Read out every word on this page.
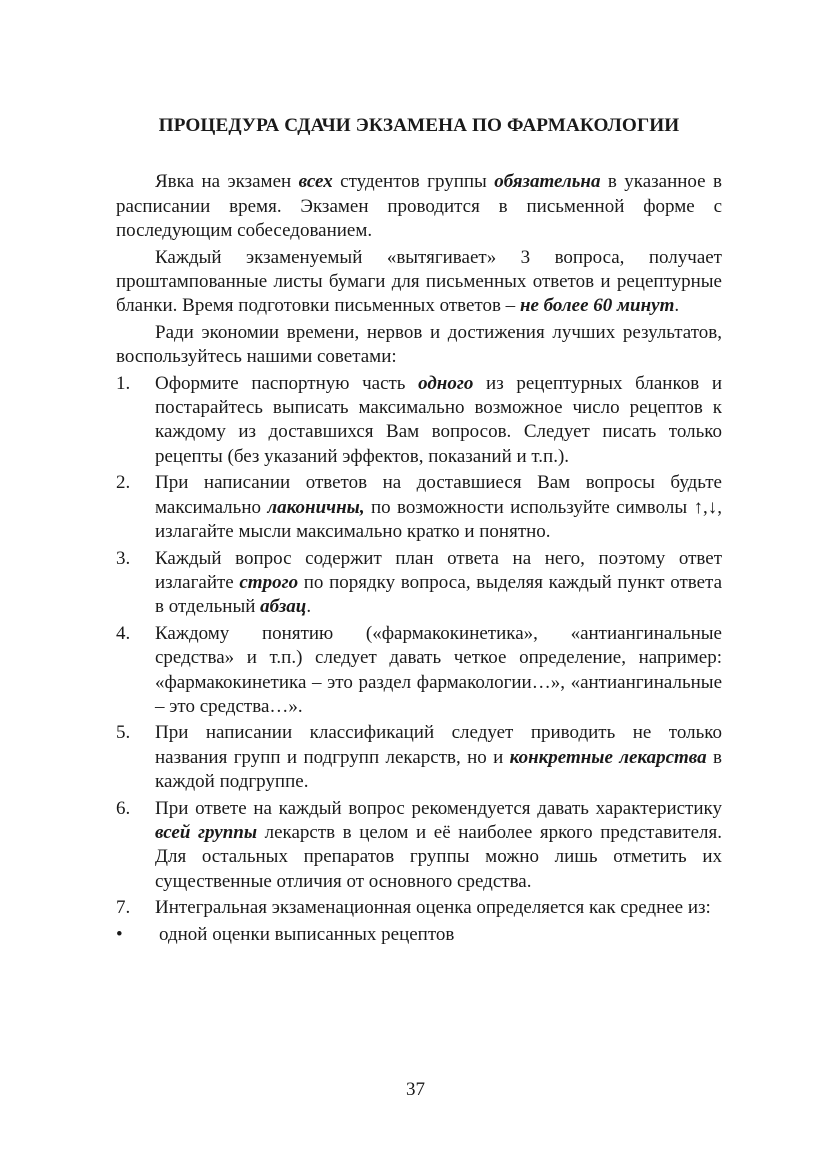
ПРОЦЕДУРА СДАЧИ ЭКЗАМЕНА ПО ФАРМАКОЛОГИИ

Явка на экзамен всех студентов группы обязательна в указанное в расписании время. Экзамен проводится в письменной форме с последующим собеседованием.

Каждый экзаменуемый «вытягивает» 3 вопроса, получает проштампованные листы бумаги для письменных ответов и рецептурные бланки. Время подготовки письменных ответов – не более 60 минут.

Ради экономии времени, нервов и достижения лучших результатов, воспользуйтесь нашими советами:

1. Оформите паспортную часть одного из рецептурных бланков и постарайтесь выписать максимально возможное число рецептов к каждому из доставшихся Вам вопросов. Следует писать только рецепты (без указаний эффектов, показаний и т.п.).
2. При написании ответов на доставшиеся Вам вопросы будьте максимально лаконичны, по возможности используйте символы ↑,↓, излагайте мысли максимально кратко и понятно.
3. Каждый вопрос содержит план ответа на него, поэтому ответ излагайте строго по порядку вопроса, выделяя каждый пункт ответа в отдельный абзац.
4. Каждому понятию («фармакокинетика», «антиангинальные средства» и т.п.) следует давать четкое определение, например: «фармакокинетика – это раздел фармакологии…», «антиангинальные – это средства…».
5. При написании классификаций следует приводить не только названия групп и подгрупп лекарств, но и конкретные лекарства в каждой подгруппе.
6. При ответе на каждый вопрос рекомендуется давать характеристику всей группы лекарств в целом и её наиболее яркого представителя. Для остальных препаратов группы можно лишь отметить их существенные отличия от основного средства.
7. Интегральная экзаменационная оценка определяется как среднее из:
• одной оценки выписанных рецептов
37
